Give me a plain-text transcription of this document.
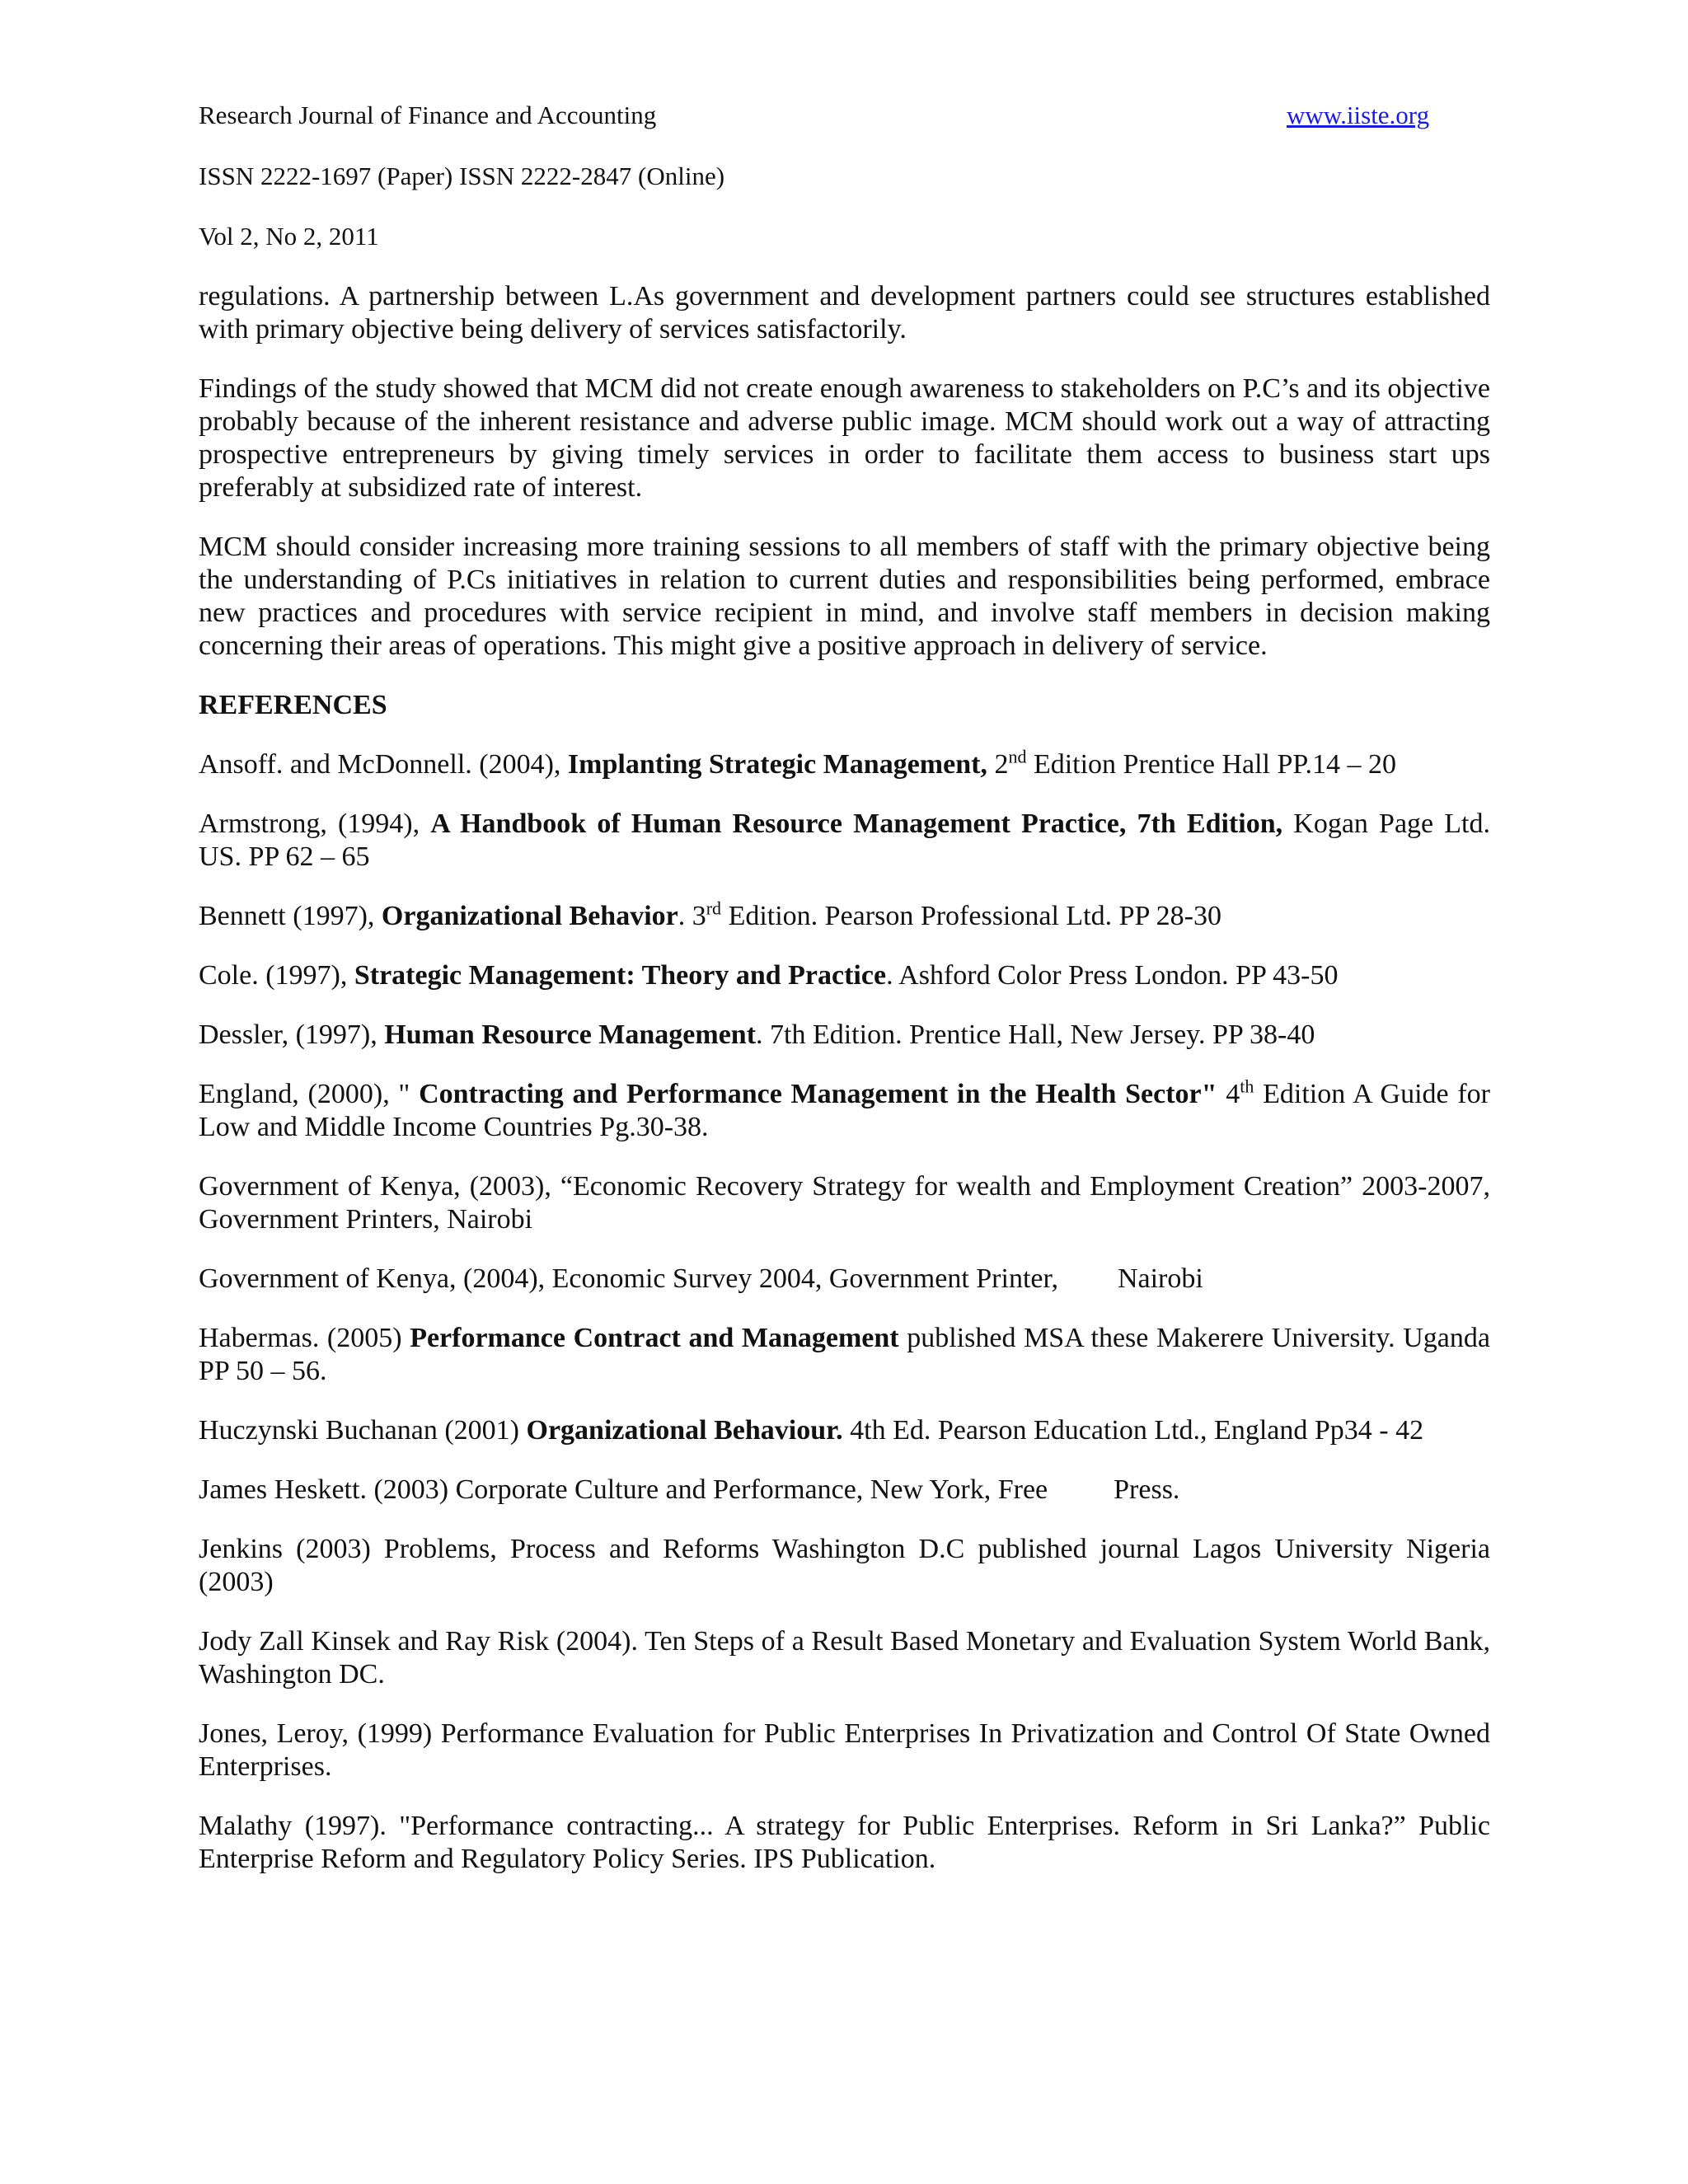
Research Journal of Finance and Accounting	www.iiste.org
ISSN 2222-1697 (Paper) ISSN 2222-2847 (Online)
Vol 2, No 2, 2011

regulations. A partnership between L.As government and development partners could see structures established with primary objective being delivery of services satisfactorily.

Findings of the study showed that MCM did not create enough awareness to stakeholders on P.C’s and its objective probably because of the inherent resistance and adverse public image. MCM should work out a way of attracting prospective entrepreneurs by giving timely services in order to facilitate them access to business start ups preferably at subsidized rate of interest.

MCM should consider increasing more training sessions to all members of staff with the primary objective being the understanding of P.Cs initiatives in relation to current duties and responsibilities being performed, embrace new practices and procedures with service recipient in mind, and involve staff members in decision making concerning their areas of operations. This might give a positive approach in delivery of service.

REFERENCES

Ansoff. and McDonnell. (2004), Implanting Strategic Management, 2nd Edition Prentice Hall PP.14 – 20

Armstrong, (1994), A Handbook of Human Resource Management Practice, 7th Edition, Kogan Page Ltd. US. PP 62 – 65

Bennett (1997), Organizational Behavior. 3rd Edition. Pearson Professional Ltd. PP 28-30

Cole. (1997), Strategic Management: Theory and Practice. Ashford Color Press London. PP 43-50

Dessler, (1997), Human Resource Management. 7th Edition. Prentice Hall, New Jersey. PP 38-40

England, (2000), " Contracting and Performance Management in the Health Sector" 4th Edition A Guide for Low and Middle Income Countries Pg.30-38.

Government of Kenya, (2003), “Economic Recovery Strategy for wealth and Employment Creation” 2003-2007, Government Printers, Nairobi

Government of Kenya, (2004), Economic Survey 2004, Government Printer, Nairobi

Habermas. (2005) Performance Contract and Management published MSA these Makerere University. Uganda PP 50 – 56.

Huczynski Buchanan (2001) Organizational Behaviour. 4th Ed. Pearson Education Ltd., England Pp34 - 42

James Heskett. (2003) Corporate Culture and Performance, New York, Free Press.

Jenkins (2003) Problems, Process and Reforms Washington D.C published journal Lagos University Nigeria (2003)

Jody Zall Kinsek and Ray Risk (2004). Ten Steps of a Result Based Monetary and Evaluation System World Bank, Washington DC.

Jones, Leroy, (1999) Performance Evaluation for Public Enterprises In Privatization and Control Of State Owned Enterprises.

Malathy (1997). "Performance contracting... A strategy for Public Enterprises. Reform in Sri Lanka?” Public Enterprise Reform and Regulatory Policy Series. IPS Publication.
